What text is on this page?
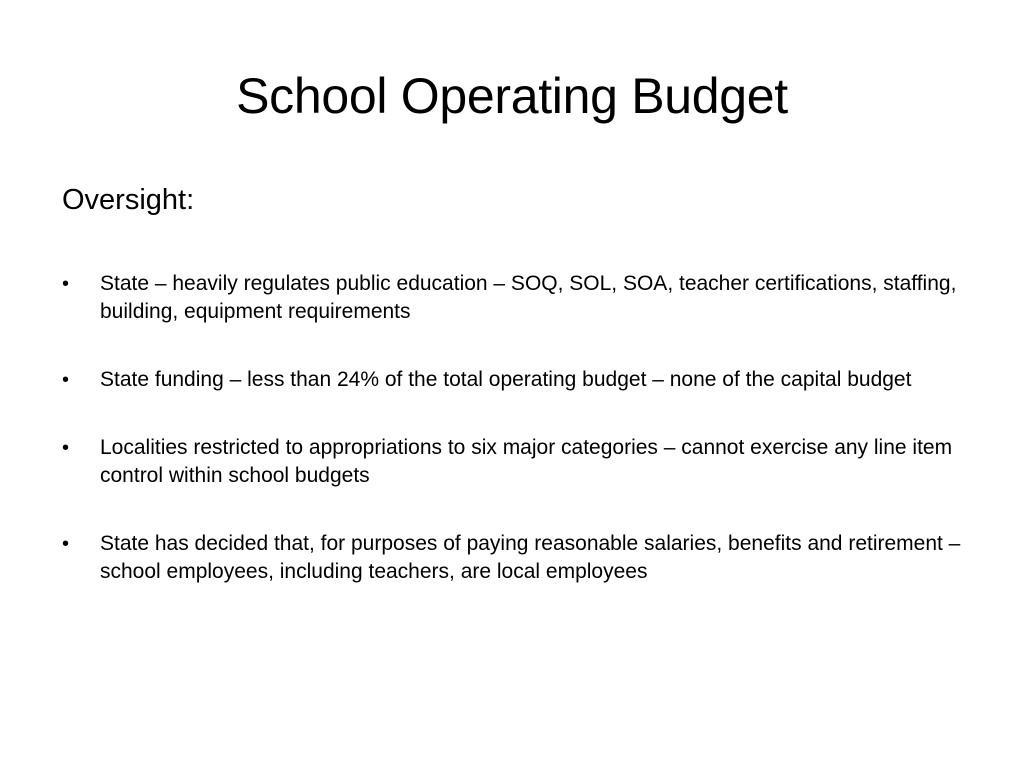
School Operating Budget

Oversight:

•	State – heavily regulates public education – SOQ, SOL, SOA, teacher certifications, staffing, building, equipment requirements
•	State funding – less than 24% of the total operating budget – none of the capital budget
•	Localities restricted to appropriations to six major categories – cannot exercise any line item control within school budgets
•	State has decided that, for purposes of paying reasonable salaries, benefits and retirement – school employees, including teachers, are local employees
